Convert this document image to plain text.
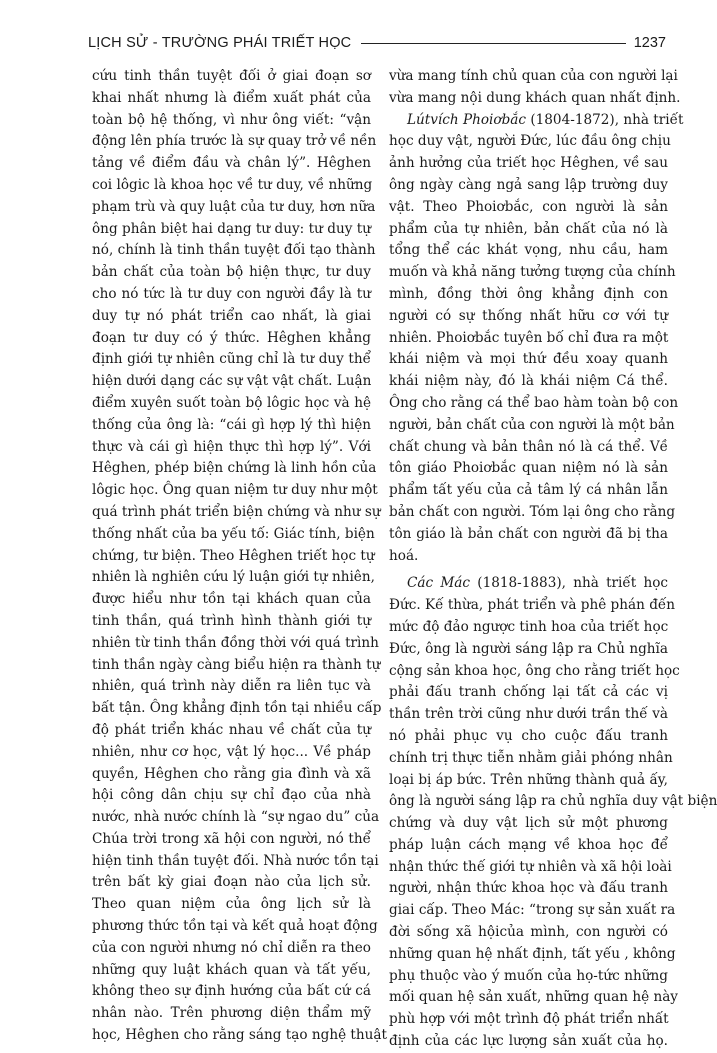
LỊCH SỬ - TRƯỜNG PHÁI TRIẾT HỌC	1237
cứu tinh thần tuyệt đối ở giai đoạn sơ
khai nhất nhưng là điểm xuất phát của
toàn bộ hệ thống, vì như ông viết: “vận
động lên phía trước là sự quay trở về nền
tảng về điểm đầu và chân lý”. Hêghen
coi lôgic là khoa học về tư duy, về những
phạm trù và quy luật của tư duy, hơn nữa
ông phân biệt hai dạng tư duy: tư duy tự
nó, chính là tinh thần tuyệt đối tạo thành
bản chất của toàn bộ hiện thực, tư duy
cho nó tức là tư duy con người đầy là tư
duy tự nó phát triển cao nhất, là giai
đoạn tư duy có ý thức. Hêghen khẳng
định giới tự nhiên cũng chỉ là tư duy thể
hiện dưới dạng các sự vật vật chất. Luận
điểm xuyên suốt toàn bộ lôgic học và hệ
thống của ông là: “cái gì hợp lý thì hiện
thực và cái gì hiện thực thì hợp lý”. Với
Hêghen, phép biện chứng là linh hồn của
lôgic học. Ông quan niệm tư duy như một
quá trình phát triển biện chứng và như sự
thống nhất của ba yếu tố: Giác tính, biện
chứng, tư biện. Theo Hêghen triết học tự
nhiên là nghiên cứu lý luận giới tự nhiên,
được hiểu như tồn tại khách quan của
tinh thần, quá trình hình thành giới tự
nhiên từ tinh thần đồng thời với quá trình
tinh thần ngày càng biểu hiện ra thành tự
nhiên, quá trình này diễn ra liên tục và
bất tận. Ông khẳng định tồn tại nhiều cấp
độ phát triển khác nhau về chất của tự
nhiên, như cơ học, vật lý học... Về pháp
quyền, Hêghen cho rằng gia đình và xã
hội công dân chịu sự chỉ đạo của nhà
nước, nhà nước chính là “sự ngao du” của
Chúa trời trong xã hội con người, nó thể
hiện tinh thần tuyệt đối. Nhà nước tồn tại
trên bất kỳ giai đoạn nào của lịch sử.
Theo quan niệm của ông lịch sử là
phương thức tồn tại và kết quả hoạt động
của con người nhưng nó chỉ diễn ra theo
những quy luật khách quan và tất yếu,
không theo sự định hướng của bất cứ cá
nhân nào. Trên phương diện thẩm mỹ
học, Hêghen cho rằng sáng tạo nghệ thuật
vừa mang tính chủ quan của con người lại
vừa mang nội dung khách quan nhất định.
Lútvích Phoiơbắc (1804-1872), nhà triết
học duy vật, người Đức, lúc đầu ông chịu
ảnh hưởng của triết học Hêghen, về sau
ông ngày càng ngả sang lập trường duy
vật. Theo Phoiơbắc, con người là sản
phẩm của tự nhiên, bản chất của nó là
tổng thể các khát vọng, nhu cầu, ham
muốn và khả năng tưởng tượng của chính
mình, đồng thời ông khẳng định con
người có sự thống nhất hữu cơ với tự
nhiên. Phoiơbắc tuyên bố chỉ đưa ra một
khái niệm và mọi thứ đều xoay quanh
khái niệm này, đó là khái niệm Cá thể.
Ông cho rằng cá thể bao hàm toàn bộ con
người, bản chất của con người là một bản
chất chung và bản thân nó là cá thể. Về
tôn giáo Phoiơbắc quan niệm nó là sản
phẩm tất yếu của cả tâm lý cá nhân lẫn
bản chất con người. Tóm lại ông cho rằng
tôn giáo là bản chất con người đã bị tha
hoá.
Các Mác (1818-1883), nhà triết học
Đức. Kế thừa, phát triển và phê phán đến
mức độ đảo ngược tinh hoa của triết học
Đức, ông là người sáng lập ra Chủ nghĩa
cộng sản khoa học, ông cho rằng triết học
phải đấu tranh chống lại tất cả các vị
thần trên trời cũng như dưới trần thế và
nó phải phục vụ cho cuộc đấu tranh
chính trị thực tiễn nhằm giải phóng nhân
loại bị áp bức. Trên những thành quả ấy,
ông là người sáng lập ra chủ nghĩa duy vật biện
chứng và duy vật lịch sử một phương
pháp luận cách mạng về khoa học để
nhận thức thế giới tự nhiên và xã hội loài
người, nhận thức khoa học và đấu tranh
giai cấp. Theo Mác: “trong sự sản xuất ra
đời sống xã hộicủa mình, con người có
những quan hệ nhất định, tất yếu , không
phụ thuộc vào ý muốn của họ-tức những
mối quan hệ sản xuất, những quan hệ này
phù hợp với một trình độ phát triển nhất
định của các lực lượng sản xuất của họ.
